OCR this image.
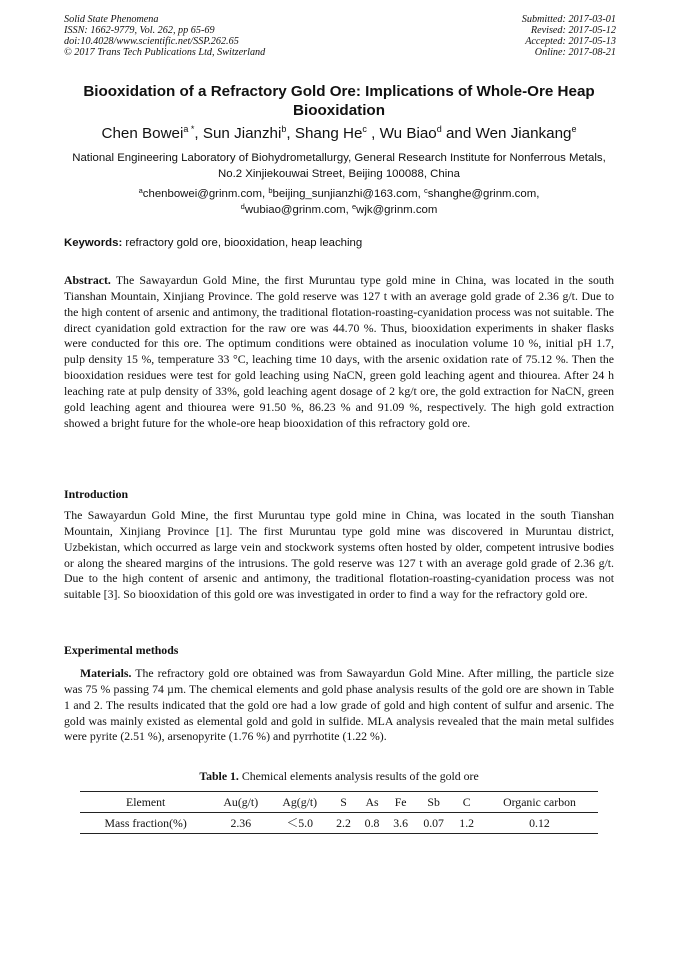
Solid State Phenomena
ISSN: 1662-9779, Vol. 262, pp 65-69
doi:10.4028/www.scientific.net/SSP.262.65
© 2017 Trans Tech Publications Ltd, Switzerland
Submitted: 2017-03-01
Revised: 2017-05-12
Accepted: 2017-05-13
Online: 2017-08-21
Biooxidation of a Refractory Gold Ore: Implications of Whole-Ore Heap Biooxidation
Chen Bowei$^{a *}$, Sun Jianzhi$^b$, Shang He$^c$ , Wu Biao$^d$ and Wen Jiankang$^e$
National Engineering Laboratory of Biohydrometallurgy, General Research Institute for Nonferrous Metals, No.2 Xinjiekouwai Street, Beijing 100088, China
$^a$chenbowei@grinm.com, $^b$beijing_sunjianzhi@163.com, $^c$shanghe@grinm.com,
$^d$wubiao@grinm.com, $^e$wjk@grinm.com
Keywords: refractory gold ore, biooxidation, heap leaching

Abstract. The Sawayardun Gold Mine, the first Muruntau type gold mine in China, was located in the south Tianshan Mountain, Xinjiang Province. The gold reserve was 127 t with an average gold grade of 2.36 g/t. Due to the high content of arsenic and antimony, the traditional flotation-roasting-cyanidation process was not suitable. The direct cyanidation gold extraction for the raw ore was 44.70 %. Thus, biooxidation experiments in shaker flasks were conducted for this ore. The optimum conditions were obtained as inoculation volume 10 %, initial pH 1.7, pulp density 15 %, temperature 33 °C, leaching time 10 days, with the arsenic oxidation rate of 75.12 %. Then the biooxidation residues were test for gold leaching using NaCN, green gold leaching agent and thiourea. After 24 h leaching rate at pulp density of 33%, gold leaching agent dosage of 2 kg/t ore, the gold extraction for NaCN, green gold leaching agent and thiourea were 91.50 %, 86.23 % and 91.09 %, respectively. The high gold extraction showed a bright future for the whole-ore heap biooxidation of this refractory gold ore.

Introduction

The Sawayardun Gold Mine, the first Muruntau type gold mine in China, was located in the south Tianshan Mountain, Xinjiang Province [1]. The first Muruntau type gold mine was discovered in Muruntau district, Uzbekistan, which occurred as large vein and stockwork systems often hosted by older, competent intrusive bodies or along the sheared margins of the intrusions. The gold reserve was 127 t with an average gold grade of 2.36 g/t. Due to the high content of arsenic and antimony, the traditional flotation-roasting-cyanidation process was not suitable [3]. So biooxidation of this gold ore was investigated in order to find a way for the refractory gold ore.

Experimental methods

Materials. The refractory gold ore obtained was from Sawayardun Gold Mine. After milling, the particle size was 75 % passing 74 µm. The chemical elements and gold phase analysis results of the gold ore are shown in Table 1 and 2. The results indicated that the gold ore had a low grade of gold and high content of sulfur and arsenic. The gold was mainly existed as elemental gold and gold in sulfide. MLA analysis revealed that the main metal sulfides were pyrite (2.51 %), arsenopyrite (1.76 %) and pyrrhotite (1.22 %).

Table 1. Chemical elements analysis results of the gold ore
Element	Au(g/t)	Ag(g/t)	S	As	Fe	Sb	C	Organic carbon
Mass fraction(%)	2.36	＜5.0	2.2	0.8	3.6	0.07	1.2	0.12
